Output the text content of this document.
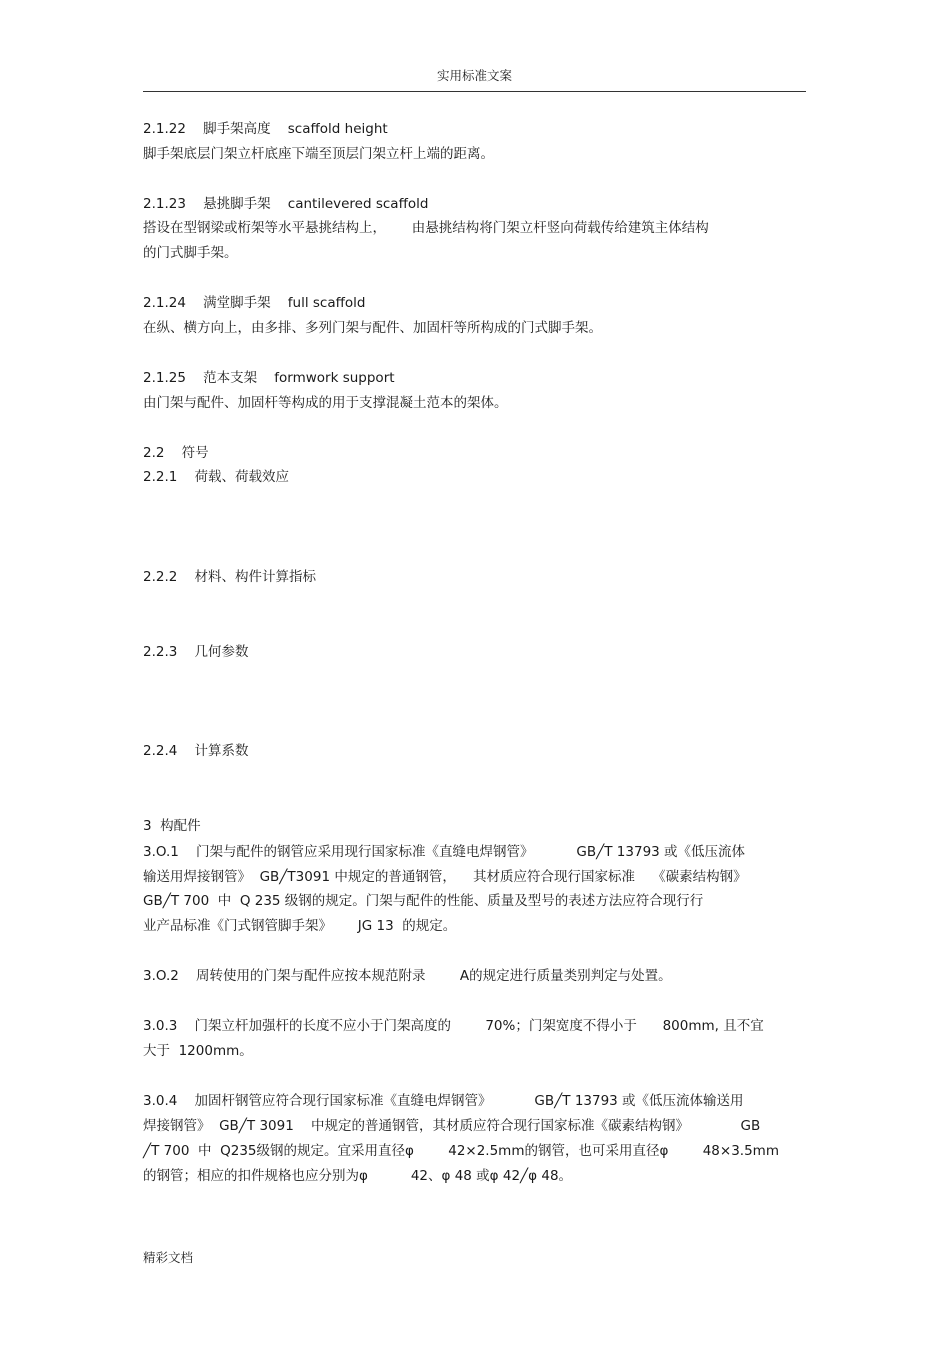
实用标准文案
2.1.22    脚手架高度    scaffold height
脚手架底层门架立杆底座下端至顶层门架立杆上端的距离。
2.1.23    悬挑脚手架    cantilevered scaffold
搭设在型钢梁或桁架等水平悬挑结构上，      由悬挑结构将门架立杆竖向荷载传给建筑主体结构
的门式脚手架。
2.1.24    满堂脚手架    full scaffold
在纵、横方向上，由多排、多列门架与配件、加固杆等所构成的门式脚手架。
2.1.25    范本支架    formwork support
由门架与配件、加固杆等构成的用于支撑混凝土范本的架体。
2.2    符号
2.2.1    荷载、荷载效应
2.2.2    材料、构件计算指标
2.2.3    几何参数
2.2.4    计算系数
3  构配件
3.O.1    门架与配件的钢管应采用现行国家标准《直缝电焊钢管》          GB╱T 13793 或《低压流体
输送用焊接钢管》  GB╱T3091 中规定的普通钢管，    其材质应符合现行国家标准    《碳素结构钢》
GB╱T 700  中  Q 235 级钢的规定。门架与配件的性能、质量及型号的表述方法应符合现行行
业产品标准《门式钢管脚手架》      JG 13  的规定。
3.O.2    周转使用的门架与配件应按本规范附录        A的规定进行质量类别判定与处置。
3.0.3    门架立杆加强杆的长度不应小于门架高度的        70%；门架宽度不得小于      800mm, 且不宜
大于  1200mm。
3.0.4    加固杆钢管应符合现行国家标准《直缝电焊钢管》          GB╱T 13793 或《低压流体输送用
焊接钢管》  GB╱T 3091    中规定的普通钢管，其材质应符合现行国家标准《碳素结构钢》            GB
╱T 700  中  Q235级钢的规定。宜采用直径φ        42×2.5mm的钢管，也可采用直径φ        48×3.5mm
的钢管；相应的扣件规格也应分别为φ          42、φ 48 或φ 42╱φ 48。
精彩文档
